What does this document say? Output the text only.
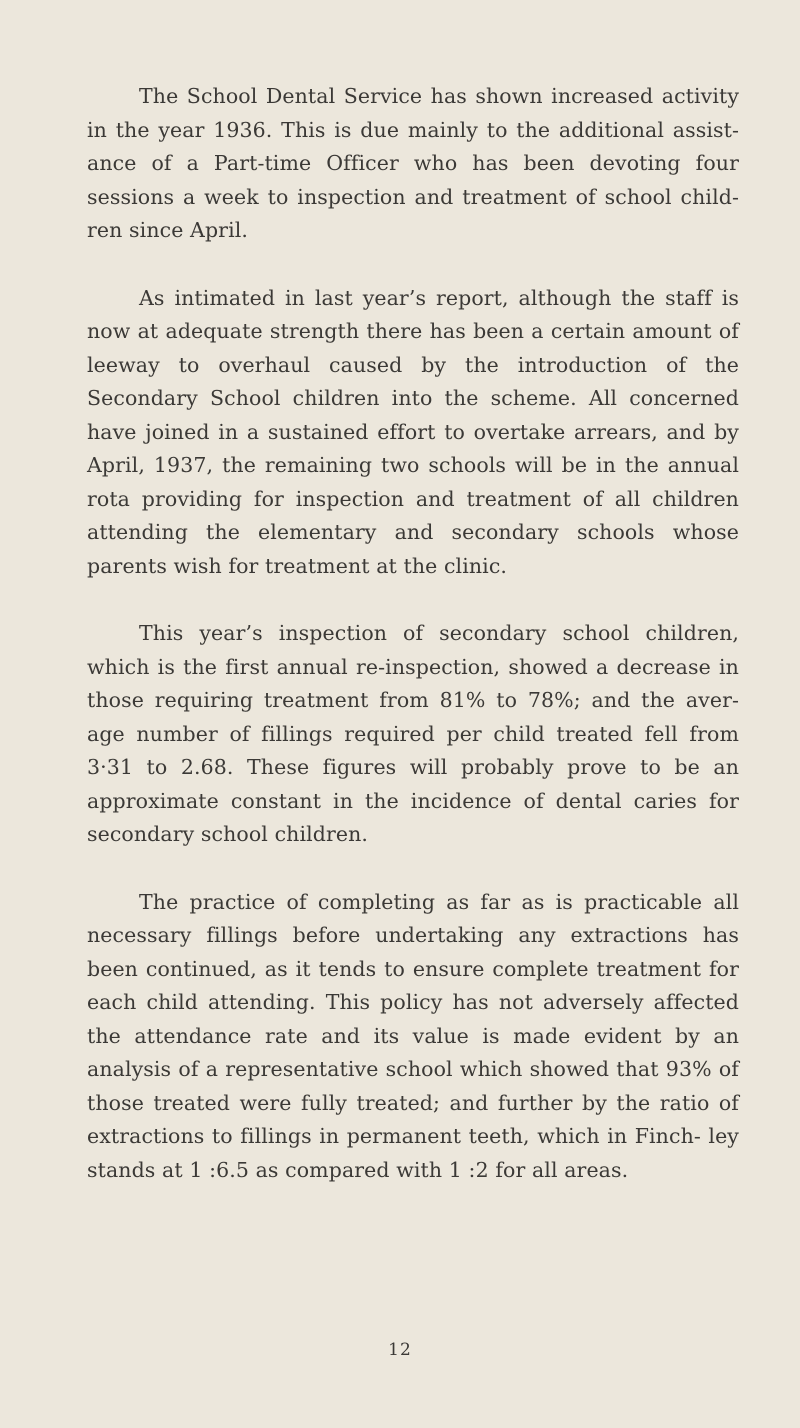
The School Dental Service has shown increased activity in the year 1936. This is due mainly to the additional assist- ance of a Part-time Officer who has been devoting four sessions a week to inspection and treatment of school child- ren since April.

As intimated in last year’s report, although the staff is now at adequate strength there has been a certain amount of leeway to overhaul caused by the introduction of the Secondary School children into the scheme. All concerned have joined in a sustained effort to overtake arrears, and by April, 1937, the remaining two schools will be in the annual rota providing for inspection and treatment of all children attending the elementary and secondary schools whose parents wish for treatment at the clinic.

This year’s inspection of secondary school children, which is the first annual re-inspection, showed a decrease in those requiring treatment from 81% to 78%; and the aver- age number of fillings required per child treated fell from 3·31 to 2.68. These figures will probably prove to be an approximate constant in the incidence of dental caries for secondary school children.

The practice of completing as far as is practicable all necessary fillings before undertaking any extractions has been continued, as it tends to ensure complete treatment for each child attending. This policy has not adversely affected the attendance rate and its value is made evident by an analysis of a representative school which showed that 93% of those treated were fully treated; and further by the ratio of extractions to fillings in permanent teeth, which in Finch- ley stands at 1 :6.5 as compared with 1 :2 for all areas.

12
